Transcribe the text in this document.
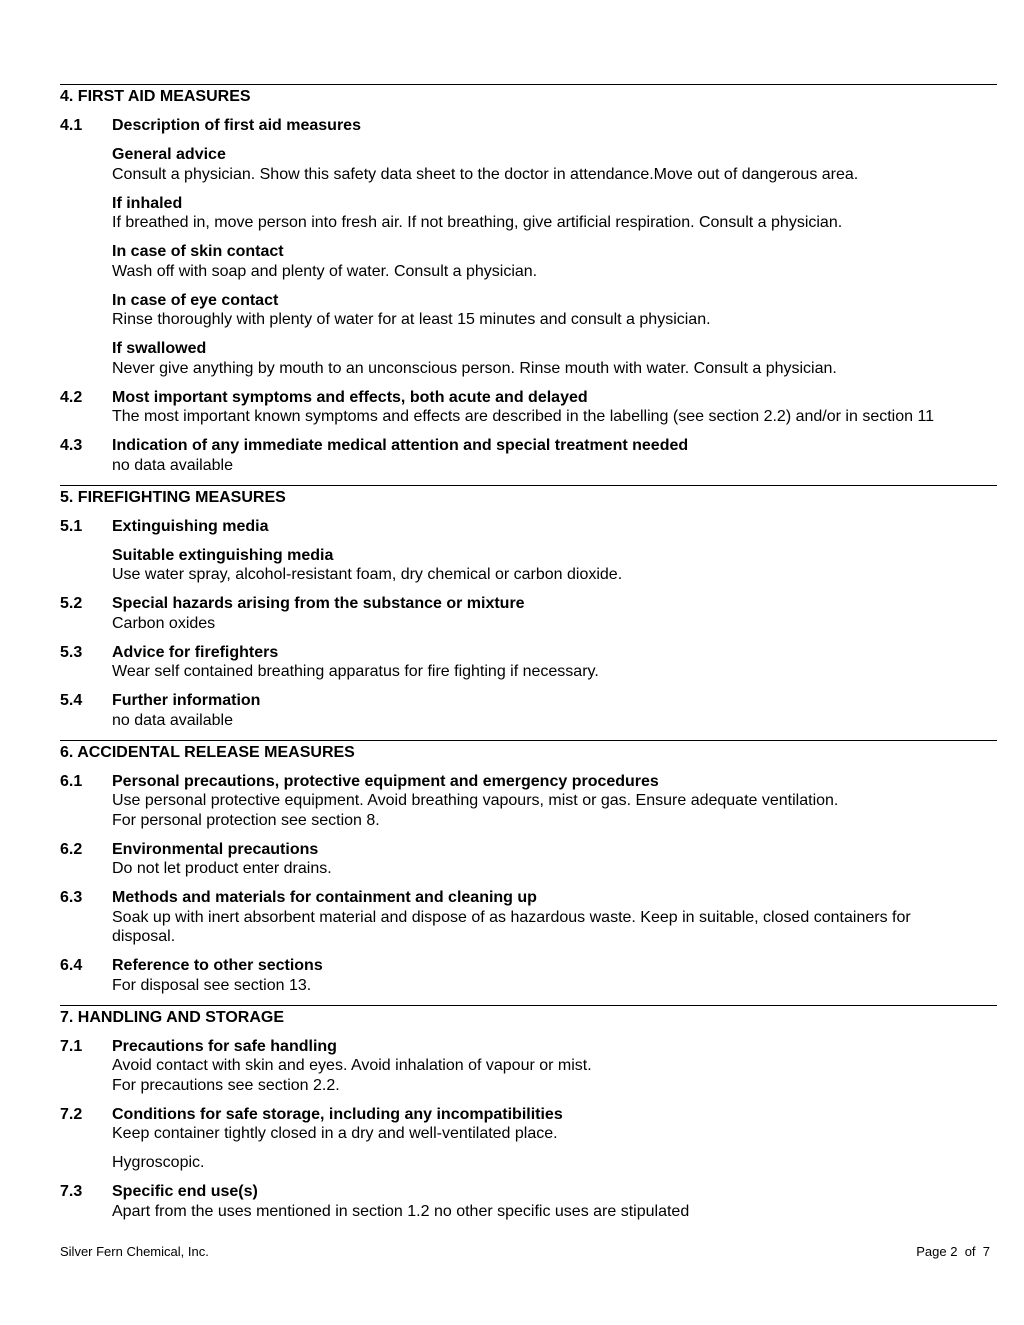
4. FIRST AID MEASURES
4.1	Description of first aid measures
General advice
Consult a physician. Show this safety data sheet to the doctor in attendance.Move out of dangerous area.
If inhaled
If breathed in, move person into fresh air. If not breathing, give artificial respiration. Consult a physician.
In case of skin contact
Wash off with soap and plenty of water. Consult a physician.
In case of eye contact
Rinse thoroughly with plenty of water for at least 15 minutes and consult a physician.
If swallowed
Never give anything by mouth to an unconscious person. Rinse mouth with water. Consult a physician.
4.2	Most important symptoms and effects, both acute and delayed
The most important known symptoms and effects are described in the labelling (see section 2.2) and/or in section 11
4.3	Indication of any immediate medical attention and special treatment needed
no data available
5. FIREFIGHTING MEASURES
5.1	Extinguishing media
Suitable extinguishing media
Use water spray, alcohol-resistant foam, dry chemical or carbon dioxide.
5.2	Special hazards arising from the substance or mixture
Carbon oxides
5.3	Advice for firefighters
Wear self contained breathing apparatus for fire fighting if necessary.
5.4	Further information
no data available
6. ACCIDENTAL RELEASE MEASURES
6.1	Personal precautions, protective equipment and emergency procedures
Use personal protective equipment. Avoid breathing vapours, mist or gas. Ensure adequate ventilation.
For personal protection see section 8.
6.2	Environmental precautions
Do not let product enter drains.
6.3	Methods and materials for containment and cleaning up
Soak up with inert absorbent material and dispose of as hazardous waste. Keep in suitable, closed containers for
disposal.
6.4	Reference to other sections
For disposal see section 13.
7. HANDLING AND STORAGE
7.1	Precautions for safe handling
Avoid contact with skin and eyes. Avoid inhalation of vapour or mist.
For precautions see section 2.2.
7.2	Conditions for safe storage, including any incompatibilities
Keep container tightly closed in a dry and well-ventilated place.
Hygroscopic.
7.3	Specific end use(s)
Apart from the uses mentioned in section 1.2 no other specific uses are stipulated
Silver Fern Chemical, Inc.	Page 2  of  7
